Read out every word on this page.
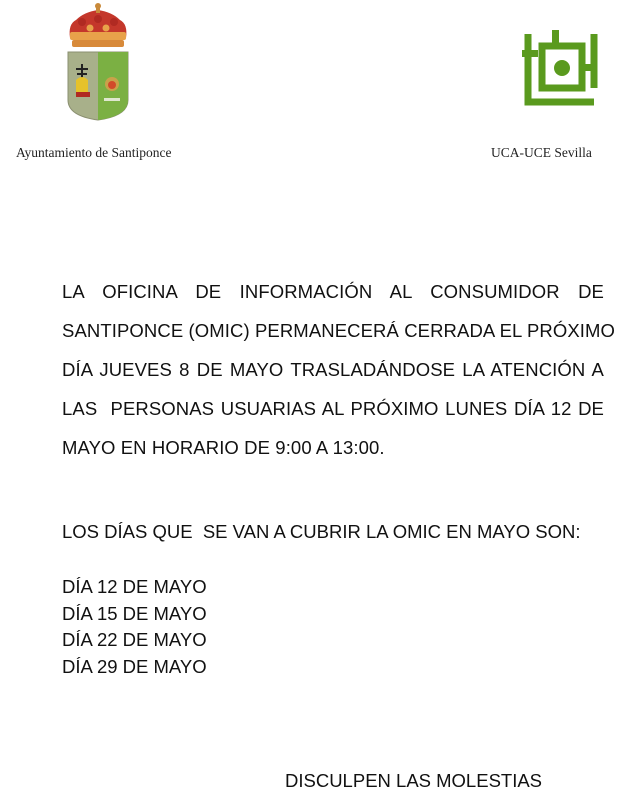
Ayuntamiento de Santiponce	UCA-UCE Sevilla
LA OFICINA DE INFORMACIÓN AL CONSUMIDOR DE
SANTIPONCE (OMIC) PERMANECERÁ CERRADA EL PRÓXIMO
DÍA JUEVES 8 DE MAYO TRASLADÁNDOSE LA ATENCIÓN A
LAS  PERSONAS USUARIAS AL PRÓXIMO LUNES DÍA 12 DE
MAYO EN HORARIO DE 9:00 A 13:00.
LOS DÍAS QUE  SE VAN A CUBRIR LA OMIC EN MAYO SON:
DÍA 12 DE MAYO
DÍA 15 DE MAYO
DÍA 22 DE MAYO
DÍA 29 DE MAYO
DISCULPEN LAS MOLESTIAS
